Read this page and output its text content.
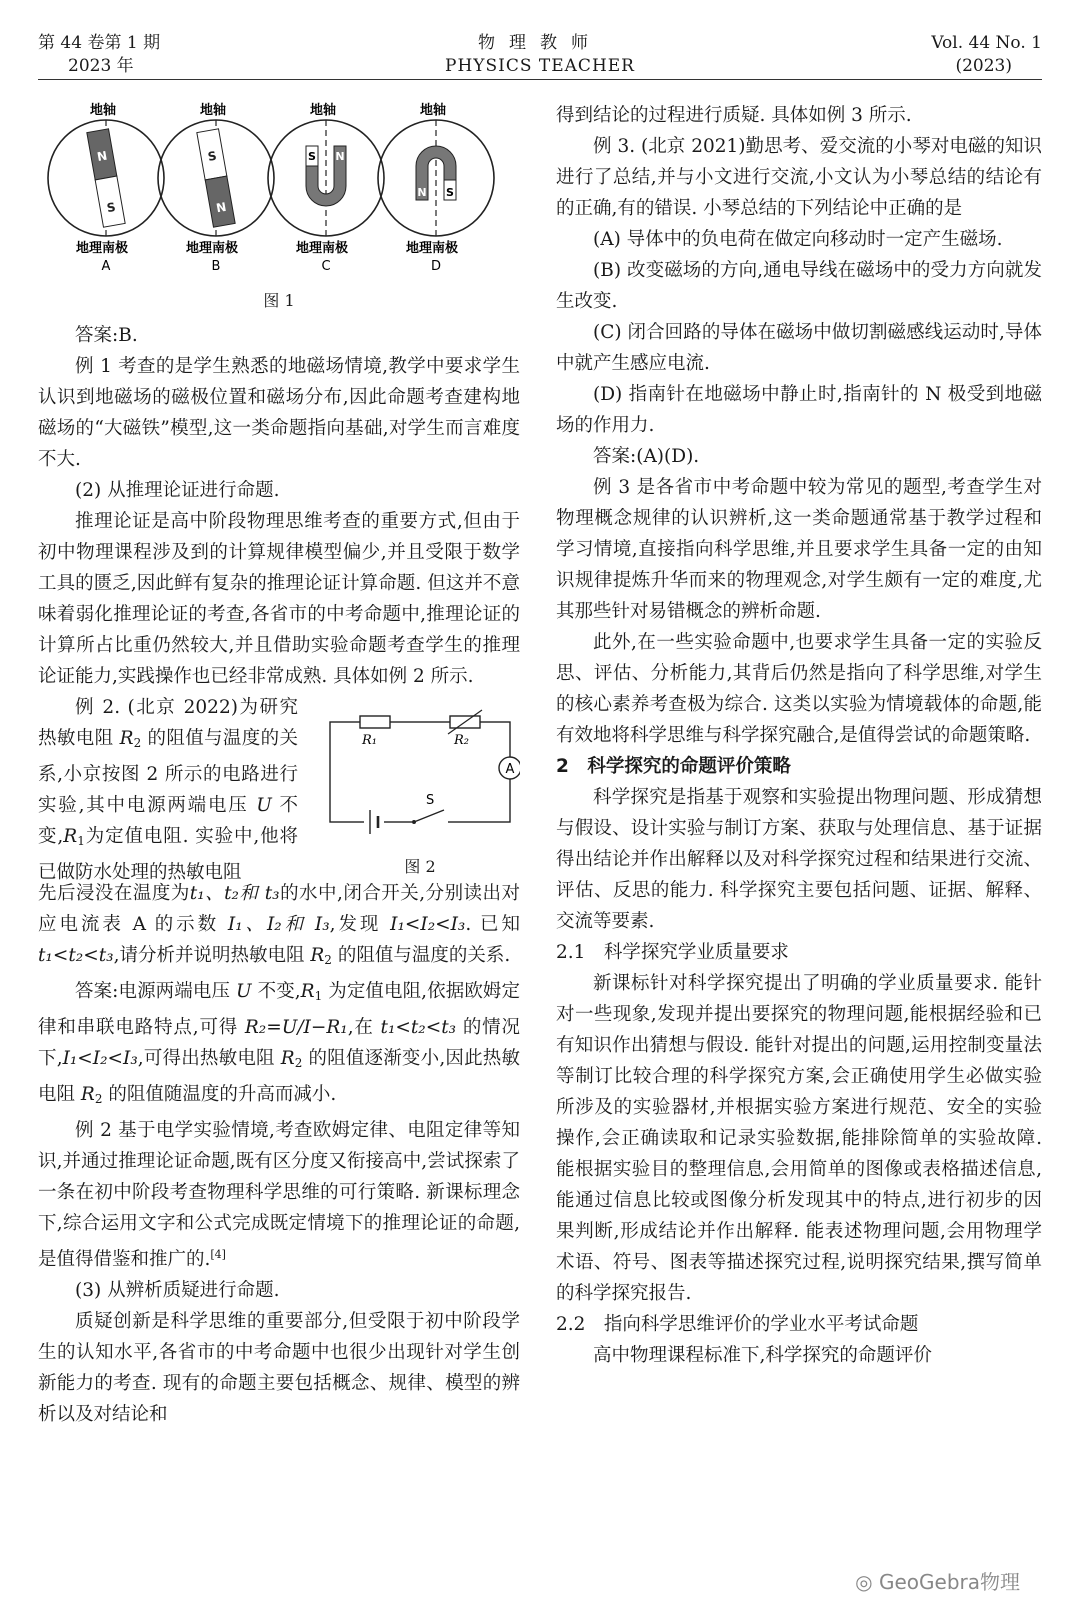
第 44 卷第 1 期
2023 年
物理教师
PHYSICS TEACHER
Vol. 44 No. 1
(2023)
N
S
地轴
地理南极
A
S
N
地轴
地理南极
B
S N
地轴
地理南极
C
N S
地轴
地理南极
D
图 1

答案:B.

例 1 考查的是学生熟悉的地磁场情境,教学中要求学生认识到地磁场的磁极位置和磁场分布,因此命题考查建构地磁场的“大磁铁”模型,这一类命题指向基础,对学生而言难度不大.

(2) 从推理论证进行命题.

推理论证是高中阶段物理思维考查的重要方式,但由于初中物理课程涉及到的计算规律模型偏少,并且受限于数学工具的匮乏,因此鲜有复杂的推理论证计算命题. 但这并不意味着弱化推理论证的考查,各省市的中考命题中,推理论证的计算所占比重仍然较大,并且借助实验命题考查学生的推理论证能力,实践操作也已经非常成熟. 具体如例 2 所示.

例 2. (北京 2022)为研究热敏电阻 $R_2$ 的阻值与温度的关系,小京按图 2 所示的电路进行实验,其中电源两端电压 U 不变$,R_1$为定值电阻. 实验中,他将已做防水处理的热敏电阻

A
S
R₁	R₂
图 2

先后浸没在温度为t₁、t₂和 t₃的水中,闭合开关,分别读出对应电流表 A 的示数 I₁、I₂和 I₃,发现 I₁<I₂<I₃. 已知 t₁<t₂<t₃,请分析并说明热敏电阻 $R_2$ 的阻值与温度的关系.

答案:电源两端电压 U 不变$,R_1$ 为定值电阻,依据欧姆定律和串联电路特点,可得 R₂=U/I−R₁,在 t₁<t₂<t₃ 的情况下,I₁<I₂<I₃,可得出热敏电阻 $R_2$ 的阻值逐渐变小,因此热敏电阻 $R_2$ 的阻值随温度的升高而减小.

例 2 基于电学实验情境,考查欧姆定律、电阻定律等知识,并通过推理论证命题,既有区分度又衔接高中,尝试探索了一条在初中阶段考查物理科学思维的可行策略. 新课标理念下,综合运用文字和公式完成既定情境下的推理论证的命题,是值得借鉴和推广的.[4]

(3) 从辨析质疑进行命题.

质疑创新是科学思维的重要部分,但受限于初中阶段学生的认知水平,各省市的中考命题中也很少出现针对学生创新能力的考查. 现有的命题主要包括概念、规律、模型的辨析以及对结论和

得到结论的过程进行质疑. 具体如例 3 所示.

例 3. (北京 2021)勤思考、爱交流的小琴对电磁的知识进行了总结,并与小文进行交流,小文认为小琴总结的结论有的正确,有的错误. 小琴总结的下列结论中正确的是

(A) 导体中的负电荷在做定向移动时一定产生磁场.

(B) 改变磁场的方向,通电导线在磁场中的受力方向就发生改变.

(C) 闭合回路的导体在磁场中做切割磁感线运动时,导体中就产生感应电流.

(D) 指南针在地磁场中静止时,指南针的 N 极受到地磁场的作用力.

答案:(A)(D).

例 3 是各省市中考命题中较为常见的题型,考查学生对物理概念规律的认识辨析,这一类命题通常基于教学过程和学习情境,直接指向科学思维,并且要求学生具备一定的由知识规律提炼升华而来的物理观念,对学生颇有一定的难度,尤其那些针对易错概念的辨析命题.

此外,在一些实验命题中,也要求学生具备一定的实验反思、评估、分析能力,其背后仍然是指向了科学思维,对学生的核心素养考查极为综合. 这类以实验为情境载体的命题,能有效地将科学思维与科学探究融合,是值得尝试的命题策略.

2　科学探究的命题评价策略

科学探究是指基于观察和实验提出物理问题、形成猜想与假设、设计实验与制订方案、获取与处理信息、基于证据得出结论并作出解释以及对科学探究过程和结果进行交流、评估、反思的能力. 科学探究主要包括问题、证据、解释、交流等要素.

2.1　科学探究学业质量要求

新课标针对科学探究提出了明确的学业质量要求. 能针对一些现象,发现并提出要探究的物理问题,能根据经验和已有知识作出猜想与假设. 能针对提出的问题,运用控制变量法等制订比较合理的科学探究方案,会正确使用学生必做实验所涉及的实验器材,并根据实验方案进行规范、安全的实验操作,会正确读取和记录实验数据,能排除简单的实验故障. 能根据实验目的整理信息,会用简单的图像或表格描述信息,能通过信息比较或图像分析发现其中的特点,进行初步的因果判断,形成结论并作出解释. 能表述物理问题,会用物理学术语、符号、图表等描述探究过程,说明探究结果,撰写简单的科学探究报告.

2.2　指向科学思维评价的学业水平考试命题

高中物理课程标准下,科学探究的命题评价

◎ GeoGebra物理
